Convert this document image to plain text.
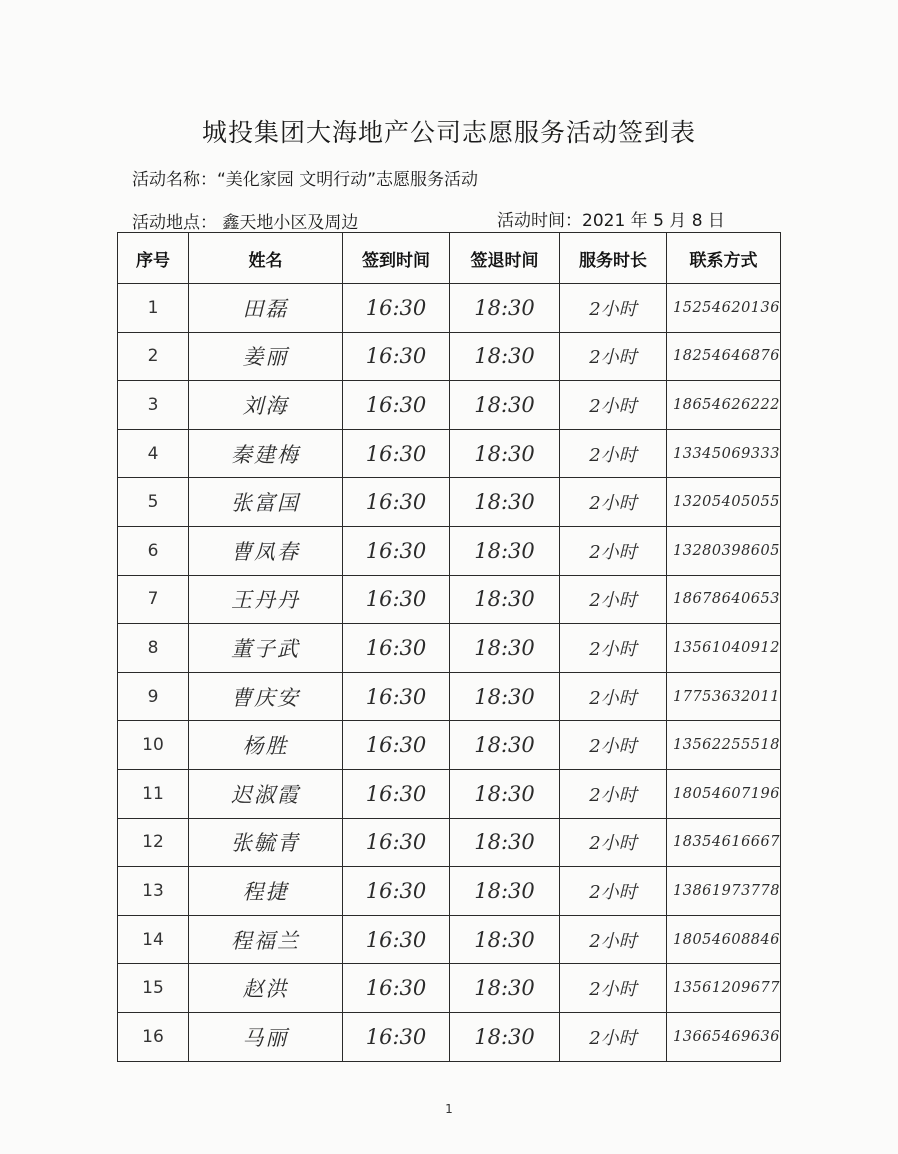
城投集团大海地产公司志愿服务活动签到表
活动名称：“美化家园 文明行动”志愿服务活动
活动地点： 鑫天地小区及周边	活动时间：2021 年 5 月 8 日
序号	姓名	签到时间	签退时间	服务时长	联系方式
1	田磊	16:30	18:30	2小时	15254620136
2	姜丽	16:30	18:30	2小时	18254646876
3	刘海	16:30	18:30	2小时	18654626222
4	秦建梅	16:30	18:30	2小时	13345069333
5	张富国	16:30	18:30	2小时	13205405055
6	曹凤春	16:30	18:30	2小时	13280398605
7	王丹丹	16:30	18:30	2小时	18678640653
8	董子武	16:30	18:30	2小时	13561040912
9	曹庆安	16:30	18:30	2小时	17753632011
10	杨胜	16:30	18:30	2小时	13562255518
11	迟淑霞	16:30	18:30	2小时	18054607196
12	张毓青	16:30	18:30	2小时	18354616667
13	程捷	16:30	18:30	2小时	13861973778
14	程福兰	16:30	18:30	2小时	18054608846
15	赵洪	16:30	18:30	2小时	13561209677
16	马丽	16:30	18:30	2小时	13665469636
1
